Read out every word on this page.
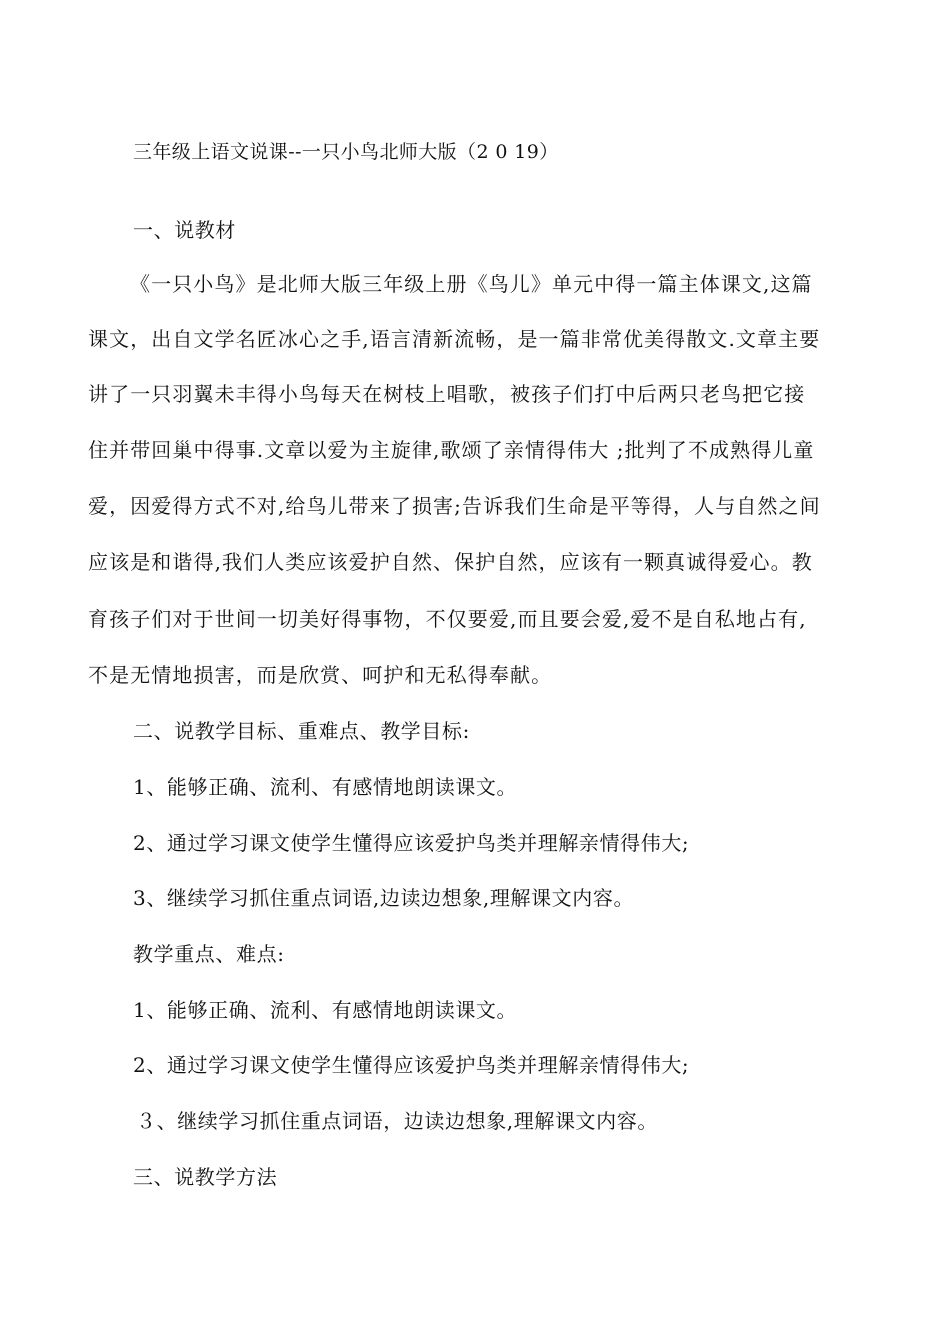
三年级上语文说课--一只小鸟北师大版（2 0 19）
一、说教材
《一只小鸟》是北师大版三年级上册《鸟儿》单元中得一篇主体课文,这篇
课文，出自文学名匠冰心之手,语言清新流畅，是一篇非常优美得散文.文章主要
讲了一只羽翼未丰得小鸟每天在树枝上唱歌，被孩子们打中后两只老鸟把它接
住并带回巢中得事.文章以爱为主旋律,歌颂了亲情得伟大 ;批判了不成熟得儿童
爱，因爱得方式不对,给鸟儿带来了损害;告诉我们生命是平等得，人与自然之间
应该是和谐得,我们人类应该爱护自然、保护自然，应该有一颗真诚得爱心。教
育孩子们对于世间一切美好得事物，不仅要爱,而且要会爱,爱不是自私地占有,
不是无情地损害，而是欣赏、呵护和无私得奉献。
二、说教学目标、重难点、教学目标:
1、能够正确、流利、有感情地朗读课文。
2、通过学习课文使学生懂得应该爱护鸟类并理解亲情得伟大;
3、继续学习抓住重点词语,边读边想象,理解课文内容。
教学重点、难点:
1、能够正确、流利、有感情地朗读课文。
2、通过学习课文使学生懂得应该爱护鸟类并理解亲情得伟大;
３、继续学习抓住重点词语，边读边想象,理解课文内容。
三、说教学方法
